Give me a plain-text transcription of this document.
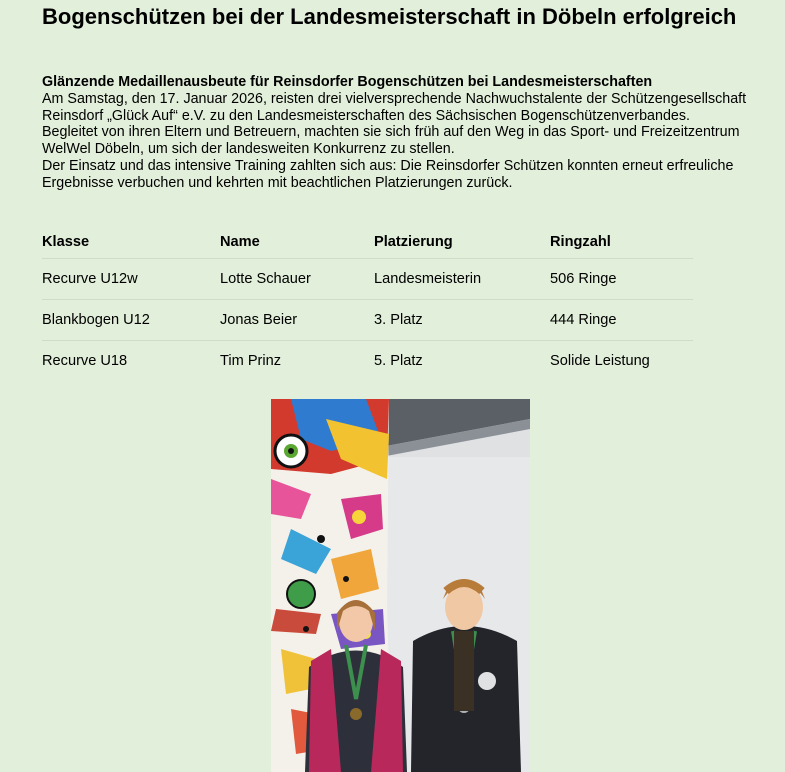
Bogenschützen bei der Landesmeisterschaft in Döbeln erfolgreich

Glänzende Medaillenausbeute für Reinsdorfer Bogenschützen bei Landesmeisterschaften

Am Samstag, den 17. Januar 2026, reisten drei vielversprechende Nachwuchstalente der Schützengesellschaft Reinsdorf „Glück Auf“ e.V. zu den Landesmeisterschaften des Sächsischen Bogenschützenverbandes.

Begleitet von ihren Eltern und Betreuern, machten sie sich früh auf den Weg in das Sport- und Freizeitzentrum WelWel Döbeln, um sich der landesweiten Konkurrenz zu stellen.

Der Einsatz und das intensive Training zahlten sich aus: Die Reinsdorfer Schützen konnten erneut erfreuliche Ergebnisse verbuchen und kehrten mit beachtlichen Platzierungen zurück.

Klasse	Name	Platzierung	Ringzahl
Recurve U12w	Lotte Schauer	Landesmeisterin	506 Ringe
Blankbogen U12	Jonas Beier	3. Platz	444 Ringe
Recurve U18	Tim Prinz	5. Platz	Solide Leistung
